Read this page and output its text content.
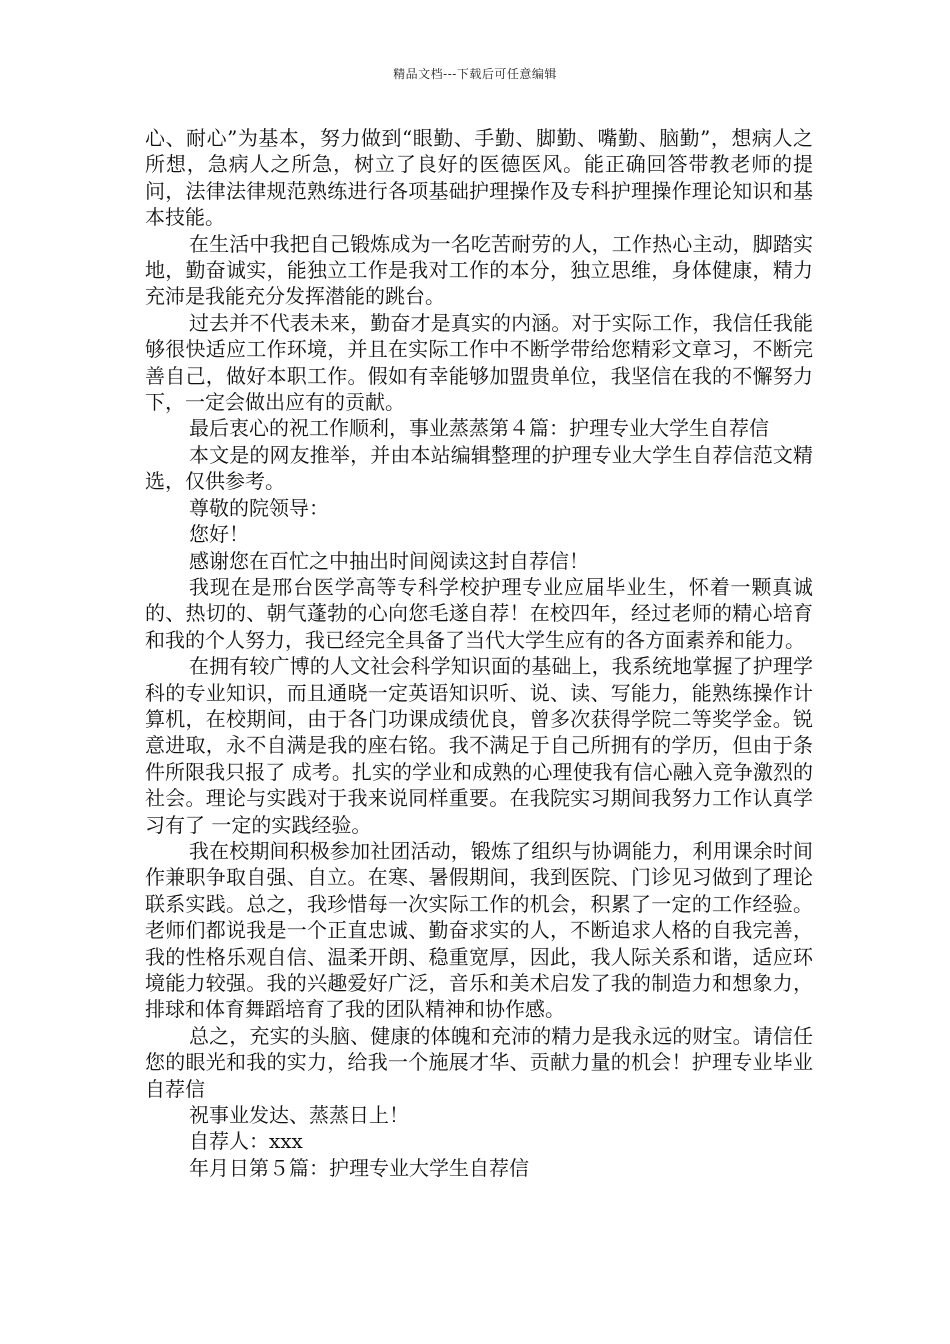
精品文档---下载后可任意编辑

心、耐心”为基本，努力做到“眼勤、手勤、脚勤、嘴勤、脑勤”，想病人之所想，急病人之所急，树立了良好的医德医风。能正确回答带教老师的提问，法律法律规范熟练进行各项基础护理操作及专科护理操作理论知识和基本技能。

在生活中我把自己锻炼成为一名吃苦耐劳的人，工作热心主动，脚踏实地，勤奋诚实，能独立工作是我对工作的本分，独立思维，身体健康，精力充沛是我能充分发挥潜能的跳台。

过去并不代表未来，勤奋才是真实的内涵。对于实际工作，我信任我能够很快适应工作环境，并且在实际工作中不断学带给您精彩文章习，不断完善自己，做好本职工作。假如有幸能够加盟贵单位，我坚信在我的不懈努力下，一定会做出应有的贡献。

最后衷心的祝工作顺利，事业蒸蒸第４篇：护理专业大学生自荐信

本文是的网友推举，并由本站编辑整理的护理专业大学生自荐信范文精选，仅供参考。

尊敬的院领导：

您好！

感谢您在百忙之中抽出时间阅读这封自荐信！

我现在是邢台医学高等专科学校护理专业应届毕业生，怀着一颗真诚的、热切的、朝气蓬勃的心向您毛遂自荐！在校四年，经过老师的精心培育和我的个人努力，我已经完全具备了当代大学生应有的各方面素养和能力。

在拥有较广博的人文社会科学知识面的基础上，我系统地掌握了护理学科的专业知识，而且通晓一定英语知识听、说、读、写能力，能熟练操作计算机，在校期间，由于各门功课成绩优良，曾多次获得学院二等奖学金。锐意进取，永不自满是我的座右铭。我不满足于自己所拥有的学历，但由于条件所限我只报了 成考。扎实的学业和成熟的心理使我有信心融入竞争激烈的社会。理论与实践对于我来说同样重要。在我院实习期间我努力工作认真学习有了 一定的实践经验。

我在校期间积极参加社团活动，锻炼了组织与协调能力，利用课余时间作兼职争取自强、自立。在寒、暑假期间，我到医院、门诊见习做到了理论联系实践。总之，我珍惜每一次实际工作的机会，积累了一定的工作经验。老师们都说我是一个正直忠诚、勤奋求实的人，不断追求人格的自我完善，我的性格乐观自信、温柔开朗、稳重宽厚，因此，我人际关系和谐，适应环境能力较强。我的兴趣爱好广泛，音乐和美术启发了我的制造力和想象力，排球和体育舞蹈培育了我的团队精神和协作感。

总之，充实的头脑、健康的体魄和充沛的精力是我永远的财宝。请信任您的眼光和我的实力，给我一个施展才华、贡献力量的机会！护理专业毕业自荐信

祝事业发达、蒸蒸日上！

自荐人：xxx

年月日第５篇：护理专业大学生自荐信
